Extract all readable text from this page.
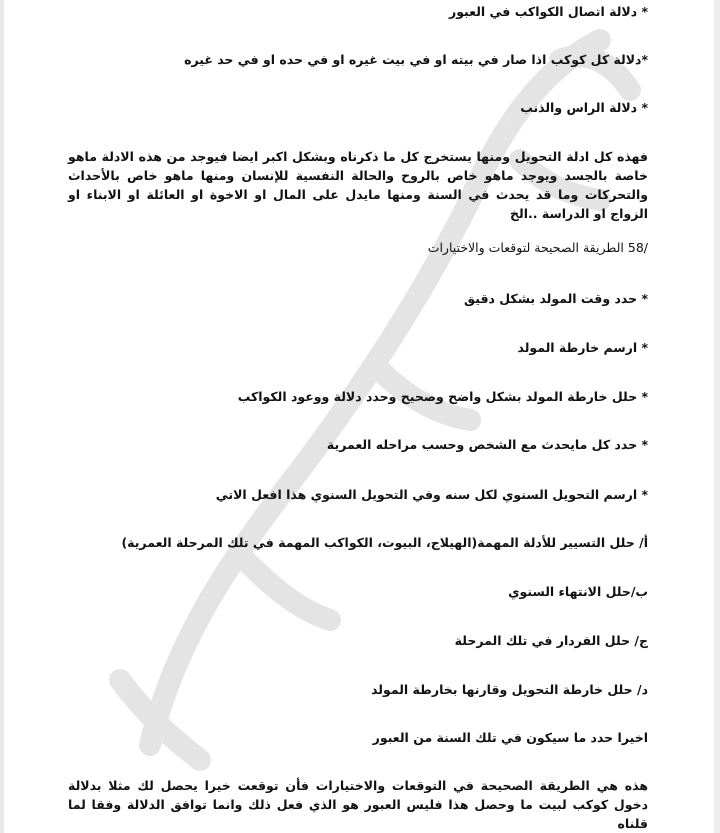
* دلالة اتصال الكواكب في العبور
*دلالة كل كوكب اذا صار في بيته او في بيت غيره او في حده او في حد غيره
* دلالة الراس والذنب
فهذه كل ادلة التحويل ومنها يستخرج كل ما ذكرناه وبشكل اكبر ايضا فيوجد من هذه الادلة ماهو خاصة بالجسد ويوجد ماهو خاص بالروح والحالة النفسية للإنسان ومنها ماهو خاص بالأحداث والتحركات وما قد يحدث في السنة ومنها مايدل على المال او الاخوة او العائلة او الابناء او الزواج او الدراسة ..الخ
/58 الطريقة الصحيحة لتوقعات والاختيارات
* حدد وقت المولد بشكل دقيق
* ارسم خارطة المولد
* حلل خارطة المولد بشكل واضح وصحيح وحدد دلالة ووعود الكواكب
* حدد كل مايحدث مع الشخص وحسب مراحله العمرية
* ارسم التحويل السنوي لكل سنه وفي التحويل السنوي هذا افعل الاتي
أ/ حلل التسيير للأدلة المهمة(الهيلاج، البيوت، الكواكب المهمة في تلك المرحلة العمرية)
ب/حلل الانتهاء السنوي
ج/ حلل الفردار في تلك المرحلة
د/ حلل خارطة التحويل وقارنها بخارطة المولد
اخيرا حدد ما سيكون في تلك السنة من العبور
هذه هي الطريقة الصحيحة في التوقعات والاختيارات فأن توقعت خيرا يحصل لك مثلا بدلالة دخول كوكب لبيت ما وحصل هذا فليس العبور هو الذي فعل ذلك وانما توافق الدلالة وفقا لما قلناه
